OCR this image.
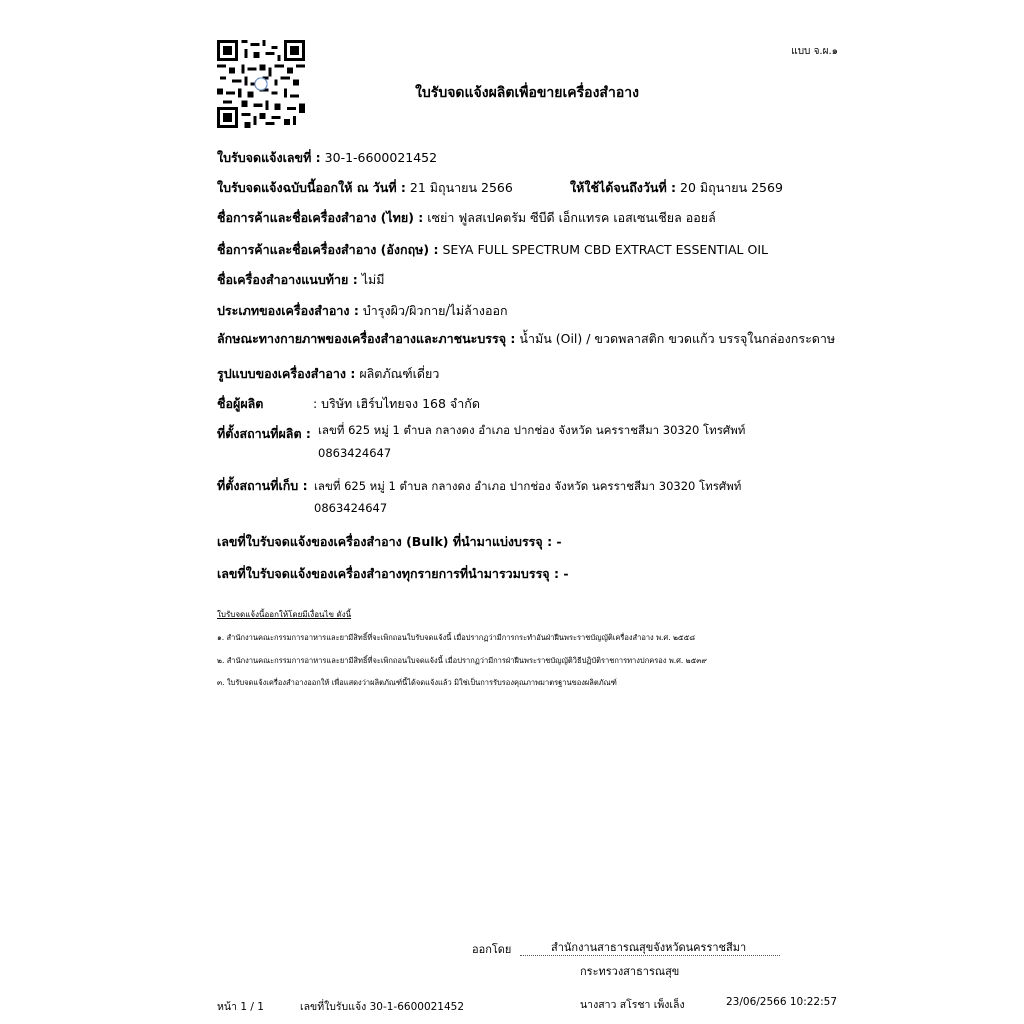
แบบ จ.ผ.๑
ใบรับจดแจ้งผลิตเพื่อขายเครื่องสำอาง
ใบรับจดแจ้งเลขที่ : 30-1-6600021452
ใบรับจดแจ้งฉบับนี้ออกให้ ณ วันที่ : 21 มิถุนายน 2566	ให้ใช้ได้จนถึงวันที่ : 20 มิถุนายน 2569
ชื่อการค้าและชื่อเครื่องสำอาง (ไทย) : เซย่า ฟูลสเปคตรัม ซีบีดี เอ็กแทรค เอสเซนเชียล ออยล์
ชื่อการค้าและชื่อเครื่องสำอาง (อังกฤษ) : SEYA FULL SPECTRUM CBD EXTRACT ESSENTIAL OIL
ชื่อเครื่องสำอางแนบท้าย : ไม่มี
ประเภทของเครื่องสำอาง : บำรุงผิว/ผิวกาย/ไม่ล้างออก
ลักษณะทางกายภาพของเครื่องสำอางและภาชนะบรรจุ : น้ำมัน (Oil) / ขวดพลาสติก ขวดแก้ว บรรจุในกล่องกระดาษ
รูปแบบของเครื่องสำอาง : ผลิตภัณฑ์เดี่ยว
ชื่อผู้ผลิต	: บริษัท เฮิร์บไทยจง 168 จำกัด
ที่ตั้งสถานที่ผลิต : เลขที่ 625 หมู่ 1 ตำบล กลางดง อำเภอ ปากช่อง จังหวัด นครราชสีมา 30320 โทรศัพท์
0863424647
ที่ตั้งสถานที่เก็บ : เลขที่ 625 หมู่ 1 ตำบล กลางดง อำเภอ ปากช่อง จังหวัด นครราชสีมา 30320 โทรศัพท์
0863424647
เลขที่ใบรับจดแจ้งของเครื่องสำอาง (Bulk) ที่นำมาแบ่งบรรจุ : -
เลขที่ใบรับจดแจ้งของเครื่องสำอางทุกรายการที่นำมารวมบรรจุ : -
ใบรับจดแจ้งนี้ออกให้โดยมีเงื่อนไข ดังนี้
๑. สำนักงานคณะกรรมการอาหารและยามีสิทธิ์ที่จะเพิกถอนใบรับจดแจ้งนี้ เมื่อปรากฏว่ามีการกระทำอันฝ่าฝืนพระราชบัญญัติเครื่องสำอาง พ.ศ. ๒๕๕๘
๒. สำนักงานคณะกรรมการอาหารและยามีสิทธิ์ที่จะเพิกถอนใบจดแจ้งนี้ เมื่อปรากฏว่ามีการฝ่าฝืนพระราชบัญญัติวิธีปฏิบัติราชการทางปกครอง พ.ศ. ๒๕๓๙
๓. ใบรับจดแจ้งเครื่องสำอางออกให้ เพื่อแสดงว่าผลิตภัณฑ์นี้ได้จดแจ้งแล้ว มิใช่เป็นการรับรองคุณภาพมาตรฐานของผลิตภัณฑ์
ออกโดย	สำนักงานสาธารณสุขจังหวัดนครราชสีมา
กระทรวงสาธารณสุข
หน้า 1 / 1	เลขที่ใบรับแจ้ง 30-1-6600021452	นางสาว สโรชา เพ็งเล็ง	23/06/2566 10:22:57
